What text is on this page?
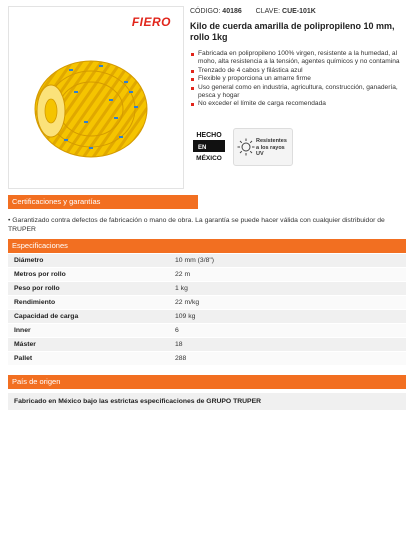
FIERO
CÓDIGO: 40186 CLAVE: CUE-101K
Kilo de cuerda amarilla de polipropileno 10 mm, rollo 1kg
Fabricada en polipropileno 100% virgen, resistente a la humedad, al moho, alta resistencia a la tensión, agentes químicos y no contamina
Trenzado de 4 cabos y filástica azul
Flexible y proporciona un amarre firme
Uso general como en industria, agricultura, construcción, ganadería, pesca y hogar
No exceder el límite de carga recomendada
HECHO
EN
MÉXICO
Resistentes a los rayos UV
Certificaciones y garantías
• Garantizado contra defectos de fabricación o mano de obra. La garantía se puede hacer válida con cualquier distribuidor de TRUPER
Especificaciones
Diámetro	10 mm (3/8")
Metros por rollo	22 m
Peso por rollo	1 kg
Rendimiento	22 m/kg
Capacidad de carga	109 kg
Inner	6
Máster	18
Pallet	288
País de origen
Fabricado en México bajo las estrictas especificaciones de GRUPO TRUPER
